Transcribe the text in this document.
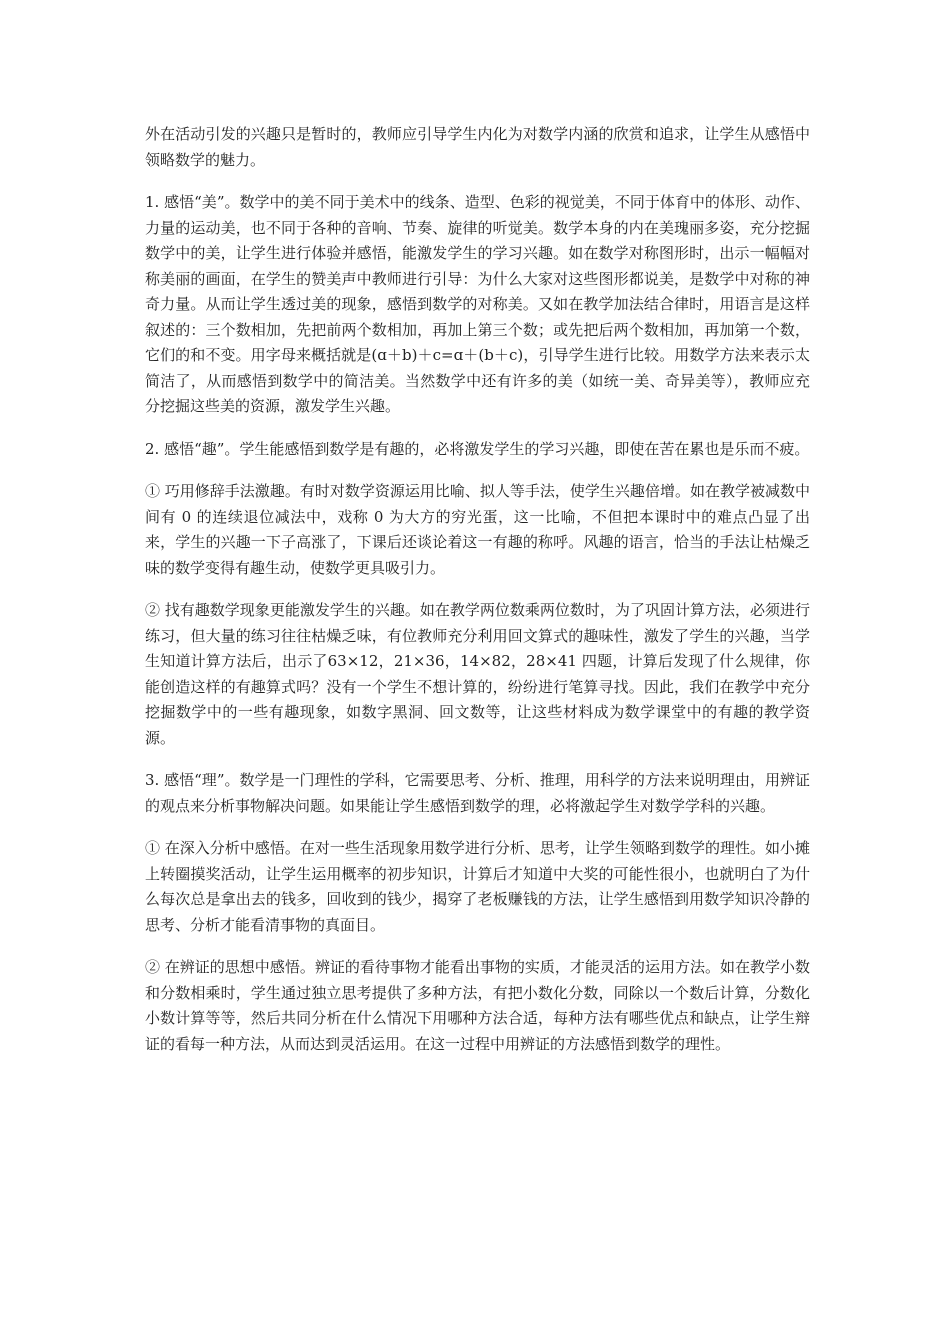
外在活动引发的兴趣只是暂时的，教师应引导学生内化为对数学内涵的欣赏和追求，让学生从感悟中领略数学的魅力。

1. 感悟“美”。数学中的美不同于美术中的线条、造型、色彩的视觉美，不同于体育中的体形、动作、力量的运动美，也不同于各种的音响、节奏、旋律的听觉美。数学本身的内在美瑰丽多姿，充分挖掘数学中的美，让学生进行体验并感悟，能激发学生的学习兴趣。如在数学对称图形时，出示一幅幅对称美丽的画面，在学生的赞美声中教师进行引导：为什么大家对这些图形都说美，是数学中对称的神奇力量。从而让学生透过美的现象，感悟到数学的对称美。又如在教学加法结合律时，用语言是这样叙述的：三个数相加，先把前两个数相加，再加上第三个数；或先把后两个数相加，再加第一个数，它们的和不变。用字母来概括就是(ɑ＋b)＋c=ɑ＋(b＋c)，引导学生进行比较。用数学方法来表示太简洁了，从而感悟到数学中的简洁美。当然数学中还有许多的美（如统一美、奇异美等），教师应充分挖掘这些美的资源，激发学生兴趣。

2. 感悟“趣”。学生能感悟到数学是有趣的，必将激发学生的学习兴趣，即使在苦在累也是乐而不疲。

① 巧用修辞手法激趣。有时对数学资源运用比喻、拟人等手法，使学生兴趣倍增。如在教学被减数中间有 0 的连续退位减法中，戏称 0 为大方的穷光蛋，这一比喻，不但把本课时中的难点凸显了出来，学生的兴趣一下子高涨了，下课后还谈论着这一有趣的称呼。风趣的语言，恰当的手法让枯燥乏味的数学变得有趣生动，使数学更具吸引力。

② 找有趣数学现象更能激发学生的兴趣。如在教学两位数乘两位数时，为了巩固计算方法，必须进行练习，但大量的练习往往枯燥乏味，有位教师充分利用回文算式的趣味性，激发了学生的兴趣，当学生知道计算方法后，出示了63×12，21×36，14×82，28×41 四题，计算后发现了什么规律，你能创造这样的有趣算式吗？没有一个学生不想计算的，纷纷进行笔算寻找。因此，我们在教学中充分挖掘数学中的一些有趣现象，如数字黑洞、回文数等，让这些材料成为数学课堂中的有趣的教学资源。

3. 感悟“理”。数学是一门理性的学科，它需要思考、分析、推理，用科学的方法来说明理由，用辨证的观点来分析事物解决问题。如果能让学生感悟到数学的理，必将激起学生对数学学科的兴趣。

① 在深入分析中感悟。在对一些生活现象用数学进行分析、思考，让学生领略到数学的理性。如小摊上转圈摸奖活动，让学生运用概率的初步知识，计算后才知道中大奖的可能性很小，也就明白了为什么每次总是拿出去的钱多，回收到的钱少，揭穿了老板赚钱的方法，让学生感悟到用数学知识冷静的思考、分析才能看清事物的真面目。

② 在辨证的思想中感悟。辨证的看待事物才能看出事物的实质，才能灵活的运用方法。如在教学小数和分数相乘时，学生通过独立思考提供了多种方法，有把小数化分数，同除以一个数后计算，分数化小数计算等等，然后共同分析在什么情况下用哪种方法合适，每种方法有哪些优点和缺点，让学生辩证的看每一种方法，从而达到灵活运用。在这一过程中用辨证的方法感悟到数学的理性。
